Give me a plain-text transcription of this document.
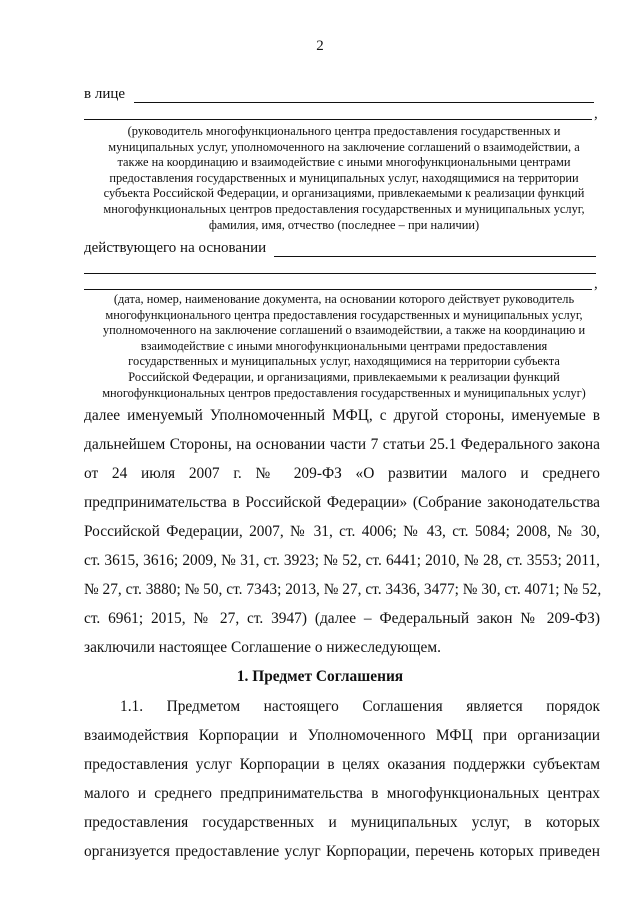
2
в лице
,
(руководитель многофункционального центра предоставления государственных и
муниципальных услуг, уполномоченного на заключение соглашений о взаимодействии, а
также на координацию и взаимодействие с иными многофункциональными центрами
предоставления государственных и муниципальных услуг, находящимися на территории
субъекта Российской Федерации, и организациями, привлекаемыми к реализации функций
многофункциональных центров предоставления государственных и муниципальных услуг,
фамилия, имя, отчество (последнее – при наличии)
действующего на основании
,
(дата, номер, наименование документа, на основании которого действует руководитель
многофункционального центра предоставления государственных и муниципальных услуг,
уполномоченного на заключение соглашений о взаимодействии, а также на координацию и
взаимодействие с иными многофункциональными центрами предоставления
государственных и муниципальных услуг, находящимися на территории субъекта
Российской Федерации, и организациями, привлекаемыми к реализации функций
многофункциональных центров предоставления государственных и муниципальных услуг)
далее именуемый Уполномоченный МФЦ, с другой стороны, именуемые в
дальнейшем Стороны, на основании части 7 статьи 25.1 Федерального закона
от 24 июля 2007 г. № 209-ФЗ «О развитии малого и среднего
предпринимательства в Российской Федерации» (Собрание законодательства
Российской Федерации, 2007, № 31, ст. 4006; № 43, ст. 5084; 2008, № 30,
ст. 3615, 3616; 2009, № 31, ст. 3923; № 52, ст. 6441; 2010, № 28, ст. 3553; 2011,
№ 27, ст. 3880; № 50, ст. 7343; 2013, № 27, ст. 3436, 3477; № 30, ст. 4071; № 52,
ст. 6961; 2015, № 27, ст. 3947) (далее – Федеральный закон № 209-ФЗ)
заключили настоящее Соглашение о нижеследующем.
1. Предмет Соглашения
1.1. Предметом настоящего Соглашения является порядок
взаимодействия Корпорации и Уполномоченного МФЦ при организации
предоставления услуг Корпорации в целях оказания поддержки субъектам
малого и среднего предпринимательства в многофункциональных центрах
предоставления государственных и муниципальных услуг, в которых
организуется предоставление услуг Корпорации, перечень которых приведен
